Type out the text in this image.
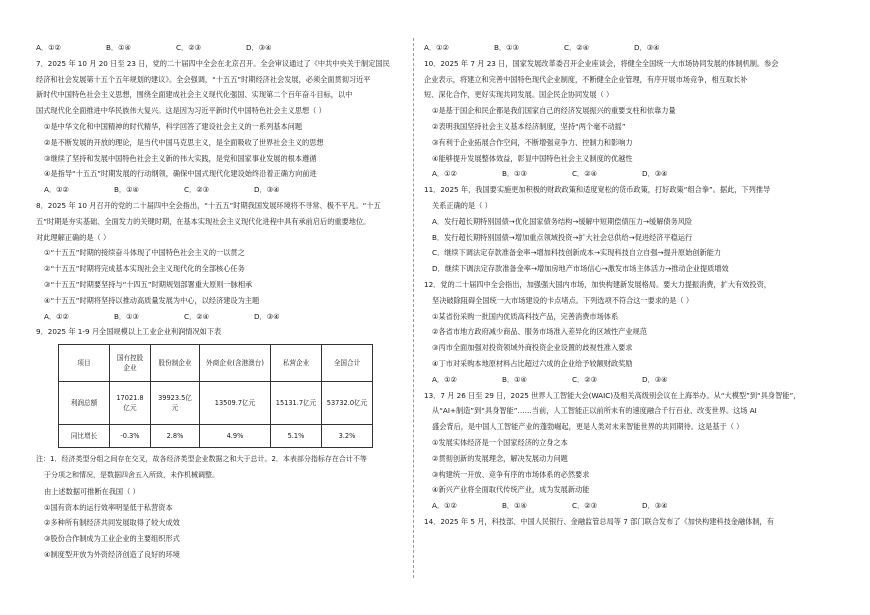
A．①②	B．①④	C．②③	D．③④

7．2025 年 10 月 20 日至 23 日，党的二十届四中全会在北京召开。全会审议通过了《中共中央关于制定国民

经济和社会发展第十五个五年规划的建议》。全会强调，“十五五”时期经济社会发展，必须全面贯彻习近平

新时代中国特色社会主义思想，围绕全面建成社会主义现代化强国、实现第二个百年奋斗目标，以中

国式现代化全面推进中华民族伟大复兴。这是因为习近平新时代中国特色社会主义思想（ ）

①是中华文化和中国精神的时代精华，科学回答了建设社会主义的一系列基本问题

②是不断发展的开放的理论，是当代中国马克思主义，是全面吸收了世界社会主义的思想

③继续了坚持和发展中国特色社会主义新的伟大实践，是党和国家事业发展的根本遵循

④是指导“十五五”时期发展的行动纲领，确保中国式现代化建设始终沿着正确方向前进

A．①②	B．①④	C．②③	D．③④

8．2025 年 10 月召开的党的二十届四中全会指出，“十五五”时期我国发展环境将不寻常、极不平凡。“十五

五”时期是夯实基础、全面发力的关键时期，在基本实现社会主义现代化进程中具有承前启后的重要地位。

对此理解正确的是（ ）

①“十五五”时期的接续奋斗体现了中国特色社会主义的一以贯之

②“十五五”时期将完成基本实现社会主义现代化的全部核心任务

③“十五五”时期要坚持与“十四五”时期规划部署重大原则一脉相承

④“十五五”时期将坚持以推动高质量发展为中心，以经济建设为主题

A．①②	B．①③	C．②④	D．③④

9．2025 年 1-9 月全国规模以上工业企业利润情况如下表

项目	国有控股企业	股份制企业	外商企业(含港澳台)	私营企业	全国合计
利润总额	17021.8亿元	39923.5亿元	13509.7亿元	15131.7亿元	53732.0亿元
同比增长	-0.3%	2.8%	4.9%	5.1%	3.2%

注：1．经济类型分组之间存在交叉，故各经济类型企业数据之和大于总计。2．本表部分指标存在合计不等

于分项之和情况，是数据四舍五入所致，未作机械调整。

由上述数据可推断在我国（ ）

①国有资本的运行效率明显低于私营资本

②多种所有制经济共同发展取得了较大成效

③股份合作制成为工业企业的主要组织形式

④制度型开放为外资经济创造了良好的环境

A．①②	B．①③	C．②④	D．③④

10．2025 年 7 月 23 日，国家发展改革委召开企业座谈会，将健全全国统一大市场协同发展的体制机制。参会

企业表示，将建立和完善中国特色现代企业制度，不断健全企业管理，有序开展市场竞争，相互取长补

短、深化合作，更好实现共同发展。国企民企协同发展（ ）

①是基于国企和民企都是我们国家自己的经济发展振兴的重要支柱和依靠力量

②表明我国坚持社会主义基本经济制度，坚持“两个毫不动摇”

③有利于企业拓展合作空间，不断增强竞争力、控制力和影响力

④能够提升发展整体效益，彰显中国特色社会主义制度的优越性

A．①②	B．①③	C．②④	D．③④

11．2025 年，我国要实施更加积极的财政政策和适度宽松的货币政策，打好政策“组合拳”。据此，下列推导

关系正确的是（ ）

A．发行超长期特别国债→优化国家债务结构→缓解中短期偿债压力→缓解债务风险

B．发行超长期特别国债→增加重点领域投资→扩大社会总供给→促进经济平稳运行

C．继续下调法定存款准备金率→增加科技创新成本→实现科技自立自强→提升原始创新能力

D．继续下调法定存款准备金率→增加房地产市场信心→激发市场主体活力→推动企业提质增效

12．党的二十届四中全会指出，加强强大国内市场，加快构建新发展格局。要大力提振消费，扩大有效投资，

坚决破除阻碍全国统一大市场建设的卡点堵点。下列选项不符合这一要求的是（ ）

①某省份采购一批国内优质高科技产品，完善消费市场体系

②各省市地方政府减少商品、服务市场准入差异化的区域性产业规范

③丙市全面加强对投资领域外商投资企业设置的歧视性准入要求

④丁市对采购本地原材料占比超过六成的企业给予较额财政奖励

A．①②	B．①④	C．②③	D．③④

13．7 月 26 日至 29 日，2025 世界人工智能大会(WAIC)及相关高级别会议在上海举办。从“大模型”到“具身智能”，

从“AI+制造”到“具身智能”……当前，人工智能正以前所未有的速度融合千行百业、改变世界。这场 AI

盛会背后，是中国人工智能产业的蓬勃崛起，更是人类对未来智能世界的共同期待。这是基于（ ）

①发展实体经济是一个国家经济的立身之本

②贯彻创新的发展理念，解决发展动力问题

③构建统一开放、竞争有序的市场体系的必然要求

④新兴产业将全面取代传统产业，成为发展新动能

A．①②	B．①④	C．②③	D．③④

14．2025 年 5 月，科技部、中国人民银行、金融监管总局等 7 部门联合发布了《加快构建科技金融体制，有
